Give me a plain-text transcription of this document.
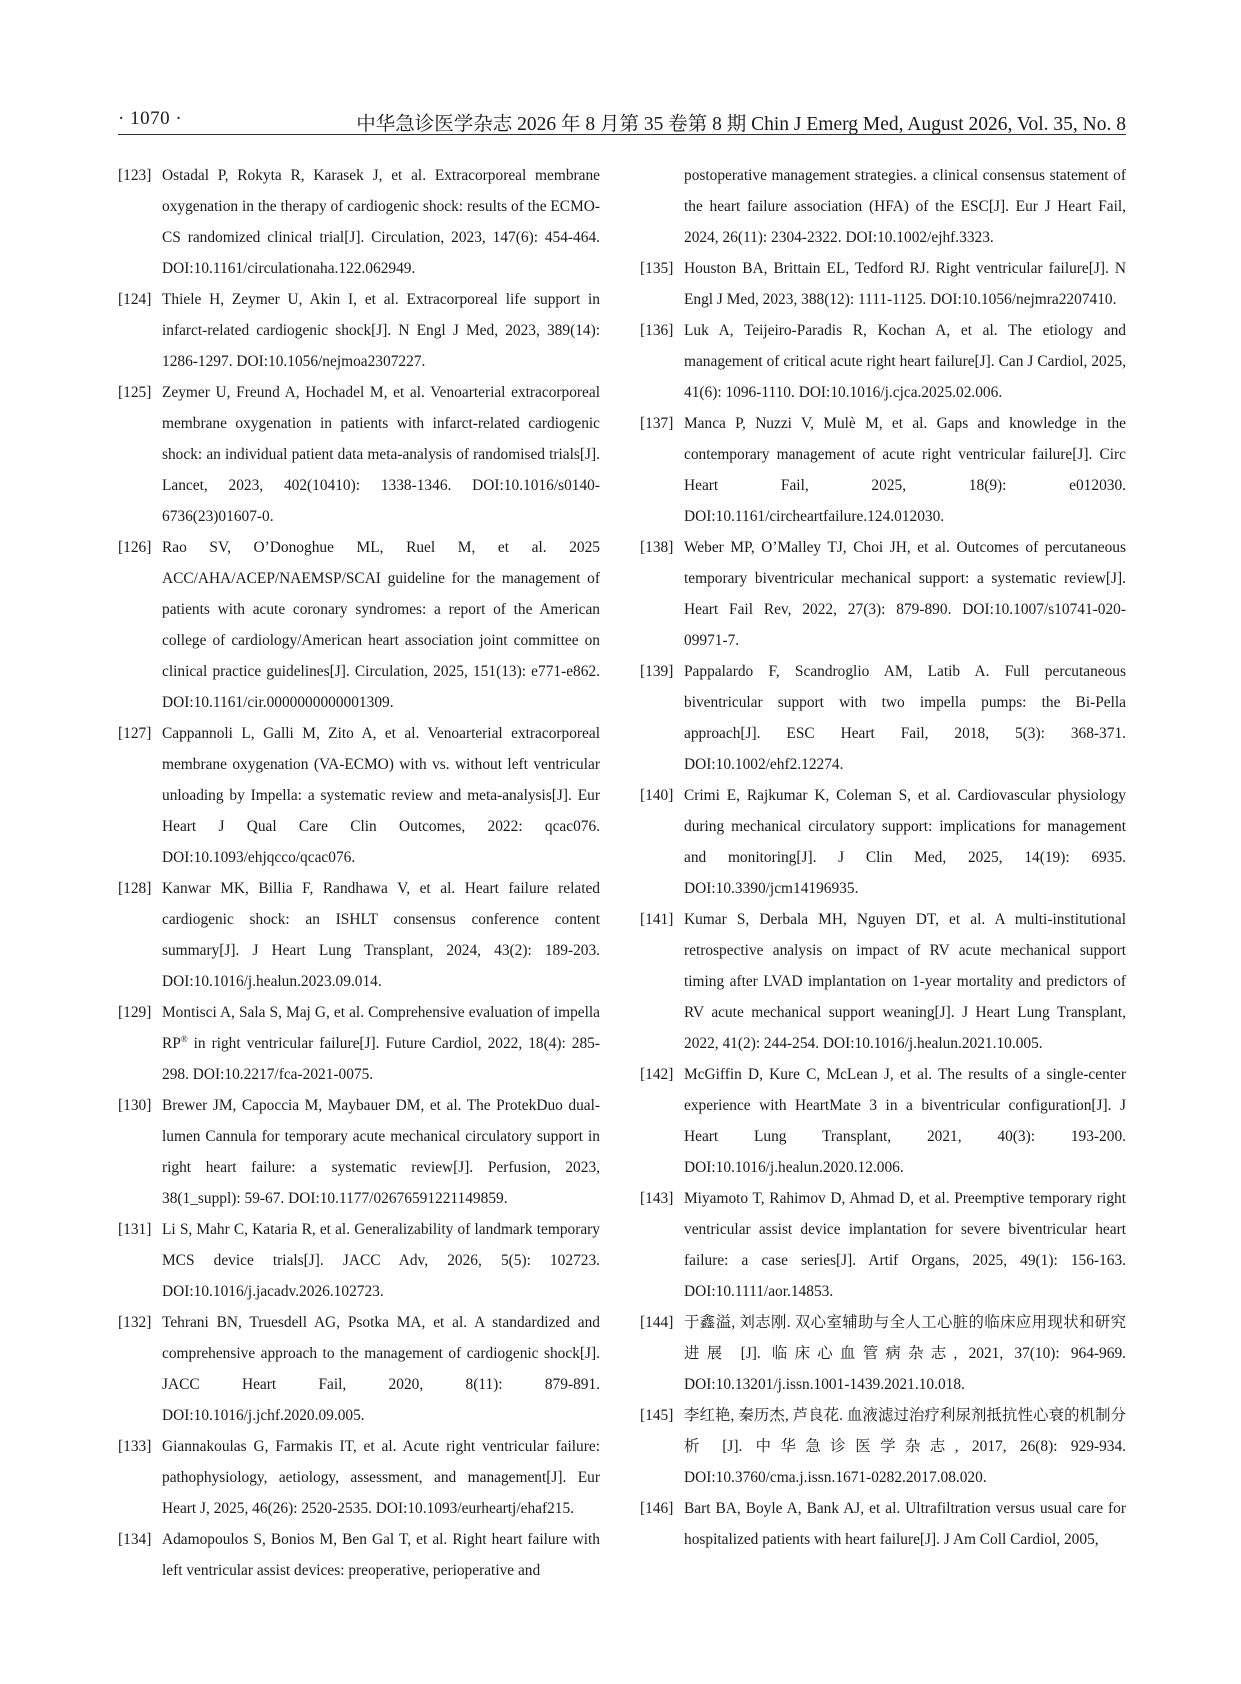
· 1070 ·	中华急诊医学杂志 2026 年 8 月第 35 卷第 8 期 Chin J Emerg Med, August 2026, Vol. 35, No. 8
[123] Ostadal P, Rokyta R, Karasek J, et al. Extracorporeal membrane oxygenation in the therapy of cardiogenic shock: results of the ECMO-CS randomized clinical trial[J]. Circulation, 2023, 147(6): 454-464. DOI:10.1161/circulationaha.122.062949.
[124] Thiele H, Zeymer U, Akin I, et al. Extracorporeal life support in infarct-related cardiogenic shock[J]. N Engl J Med, 2023, 389(14): 1286-1297. DOI:10.1056/nejmoa2307227.
[125] Zeymer U, Freund A, Hochadel M, et al. Venoarterial extracorporeal membrane oxygenation in patients with infarct-related cardiogenic shock: an individual patient data meta-analysis of randomised trials[J]. Lancet, 2023, 402(10410): 1338-1346. DOI:10.1016/s0140-6736(23)01607-0.
[126] Rao SV, O’Donoghue ML, Ruel M, et al. 2025 ACC/AHA/ACEP/NAEMSP/SCAI guideline for the management of patients with acute coronary syndromes: a report of the American college of cardiology/American heart association joint committee on clinical practice guidelines[J]. Circulation, 2025, 151(13): e771-e862. DOI:10.1161/cir.0000000000001309.
[127] Cappannoli L, Galli M, Zito A, et al. Venoarterial extracorporeal membrane oxygenation (VA-ECMO) with vs. without left ventricular unloading by Impella: a systematic review and meta-analysis[J]. Eur Heart J Qual Care Clin Outcomes, 2022: qcac076. DOI:10.1093/ehjqcco/qcac076.
[128] Kanwar MK, Billia F, Randhawa V, et al. Heart failure related cardiogenic shock: an ISHLT consensus conference content summary[J]. J Heart Lung Transplant, 2024, 43(2): 189-203. DOI:10.1016/j.healun.2023.09.014.
[129] Montisci A, Sala S, Maj G, et al. Comprehensive evaluation of impella RP® in right ventricular failure[J]. Future Cardiol, 2022, 18(4): 285-298. DOI:10.2217/fca-2021-0075.
[130] Brewer JM, Capoccia M, Maybauer DM, et al. The ProtekDuo dual-lumen Cannula for temporary acute mechanical circulatory support in right heart failure: a systematic review[J]. Perfusion, 2023, 38(1_suppl): 59-67. DOI:10.1177/02676591221149859.
[131] Li S, Mahr C, Kataria R, et al. Generalizability of landmark temporary MCS device trials[J]. JACC Adv, 2026, 5(5): 102723. DOI:10.1016/j.jacadv.2026.102723.
[132] Tehrani BN, Truesdell AG, Psotka MA, et al. A standardized and comprehensive approach to the management of cardiogenic shock[J]. JACC Heart Fail, 2020, 8(11): 879-891. DOI:10.1016/j.jchf.2020.09.005.
[133] Giannakoulas G, Farmakis IT, et al. Acute right ventricular failure: pathophysiology, aetiology, assessment, and management[J]. Eur Heart J, 2025, 46(26): 2520-2535. DOI:10.1093/eurheartj/ehaf215.
[134] Adamopoulos S, Bonios M, Ben Gal T, et al. Right heart failure with left ventricular assist devices: preoperative, perioperative and
postoperative management strategies. a clinical consensus statement of the heart failure association (HFA) of the ESC[J]. Eur J Heart Fail, 2024, 26(11): 2304-2322. DOI:10.1002/ejhf.3323.
[135] Houston BA, Brittain EL, Tedford RJ. Right ventricular failure[J]. N Engl J Med, 2023, 388(12): 1111-1125. DOI:10.1056/nejmra2207410.
[136] Luk A, Teijeiro-Paradis R, Kochan A, et al. The etiology and management of critical acute right heart failure[J]. Can J Cardiol, 2025, 41(6): 1096-1110. DOI:10.1016/j.cjca.2025.02.006.
[137] Manca P, Nuzzi V, Mulè M, et al. Gaps and knowledge in the contemporary management of acute right ventricular failure[J]. Circ Heart Fail, 2025, 18(9): e012030. DOI:10.1161/circheartfailure.124.012030.
[138] Weber MP, O’Malley TJ, Choi JH, et al. Outcomes of percutaneous temporary biventricular mechanical support: a systematic review[J]. Heart Fail Rev, 2022, 27(3): 879-890. DOI:10.1007/s10741-020-09971-7.
[139] Pappalardo F, Scandroglio AM, Latib A. Full percutaneous biventricular support with two impella pumps: the Bi-Pella approach[J]. ESC Heart Fail, 2018, 5(3): 368-371. DOI:10.1002/ehf2.12274.
[140] Crimi E, Rajkumar K, Coleman S, et al. Cardiovascular physiology during mechanical circulatory support: implications for management and monitoring[J]. J Clin Med, 2025, 14(19): 6935. DOI:10.3390/jcm14196935.
[141] Kumar S, Derbala MH, Nguyen DT, et al. A multi-institutional retrospective analysis on impact of RV acute mechanical support timing after LVAD implantation on 1-year mortality and predictors of RV acute mechanical support weaning[J]. J Heart Lung Transplant, 2022, 41(2): 244-254. DOI:10.1016/j.healun.2021.10.005.
[142] McGiffin D, Kure C, McLean J, et al. The results of a single-center experience with HeartMate 3 in a biventricular configuration[J]. J Heart Lung Transplant, 2021, 40(3): 193-200. DOI:10.1016/j.healun.2020.12.006.
[143] Miyamoto T, Rahimov D, Ahmad D, et al. Preemptive temporary right ventricular assist device implantation for severe biventricular heart failure: a case series[J]. Artif Organs, 2025, 49(1): 156-163. DOI:10.1111/aor.14853.
[144] 于鑫溢, 刘志刚. 双心室辅助与全人工心脏的临床应用现状和研究进展 [J]. 临床心血管病杂志, 2021, 37(10): 964-969. DOI:10.13201/j.issn.1001-1439.2021.10.018.
[145] 李红艳, 秦历杰, 芦良花. 血液滤过治疗利尿剂抵抗性心衰的机制分析 [J]. 中华急诊医学杂志, 2017, 26(8): 929-934. DOI:10.3760/cma.j.issn.1671-0282.2017.08.020.
[146] Bart BA, Boyle A, Bank AJ, et al. Ultrafiltration versus usual care for hospitalized patients with heart failure[J]. J Am Coll Cardiol, 2005,
